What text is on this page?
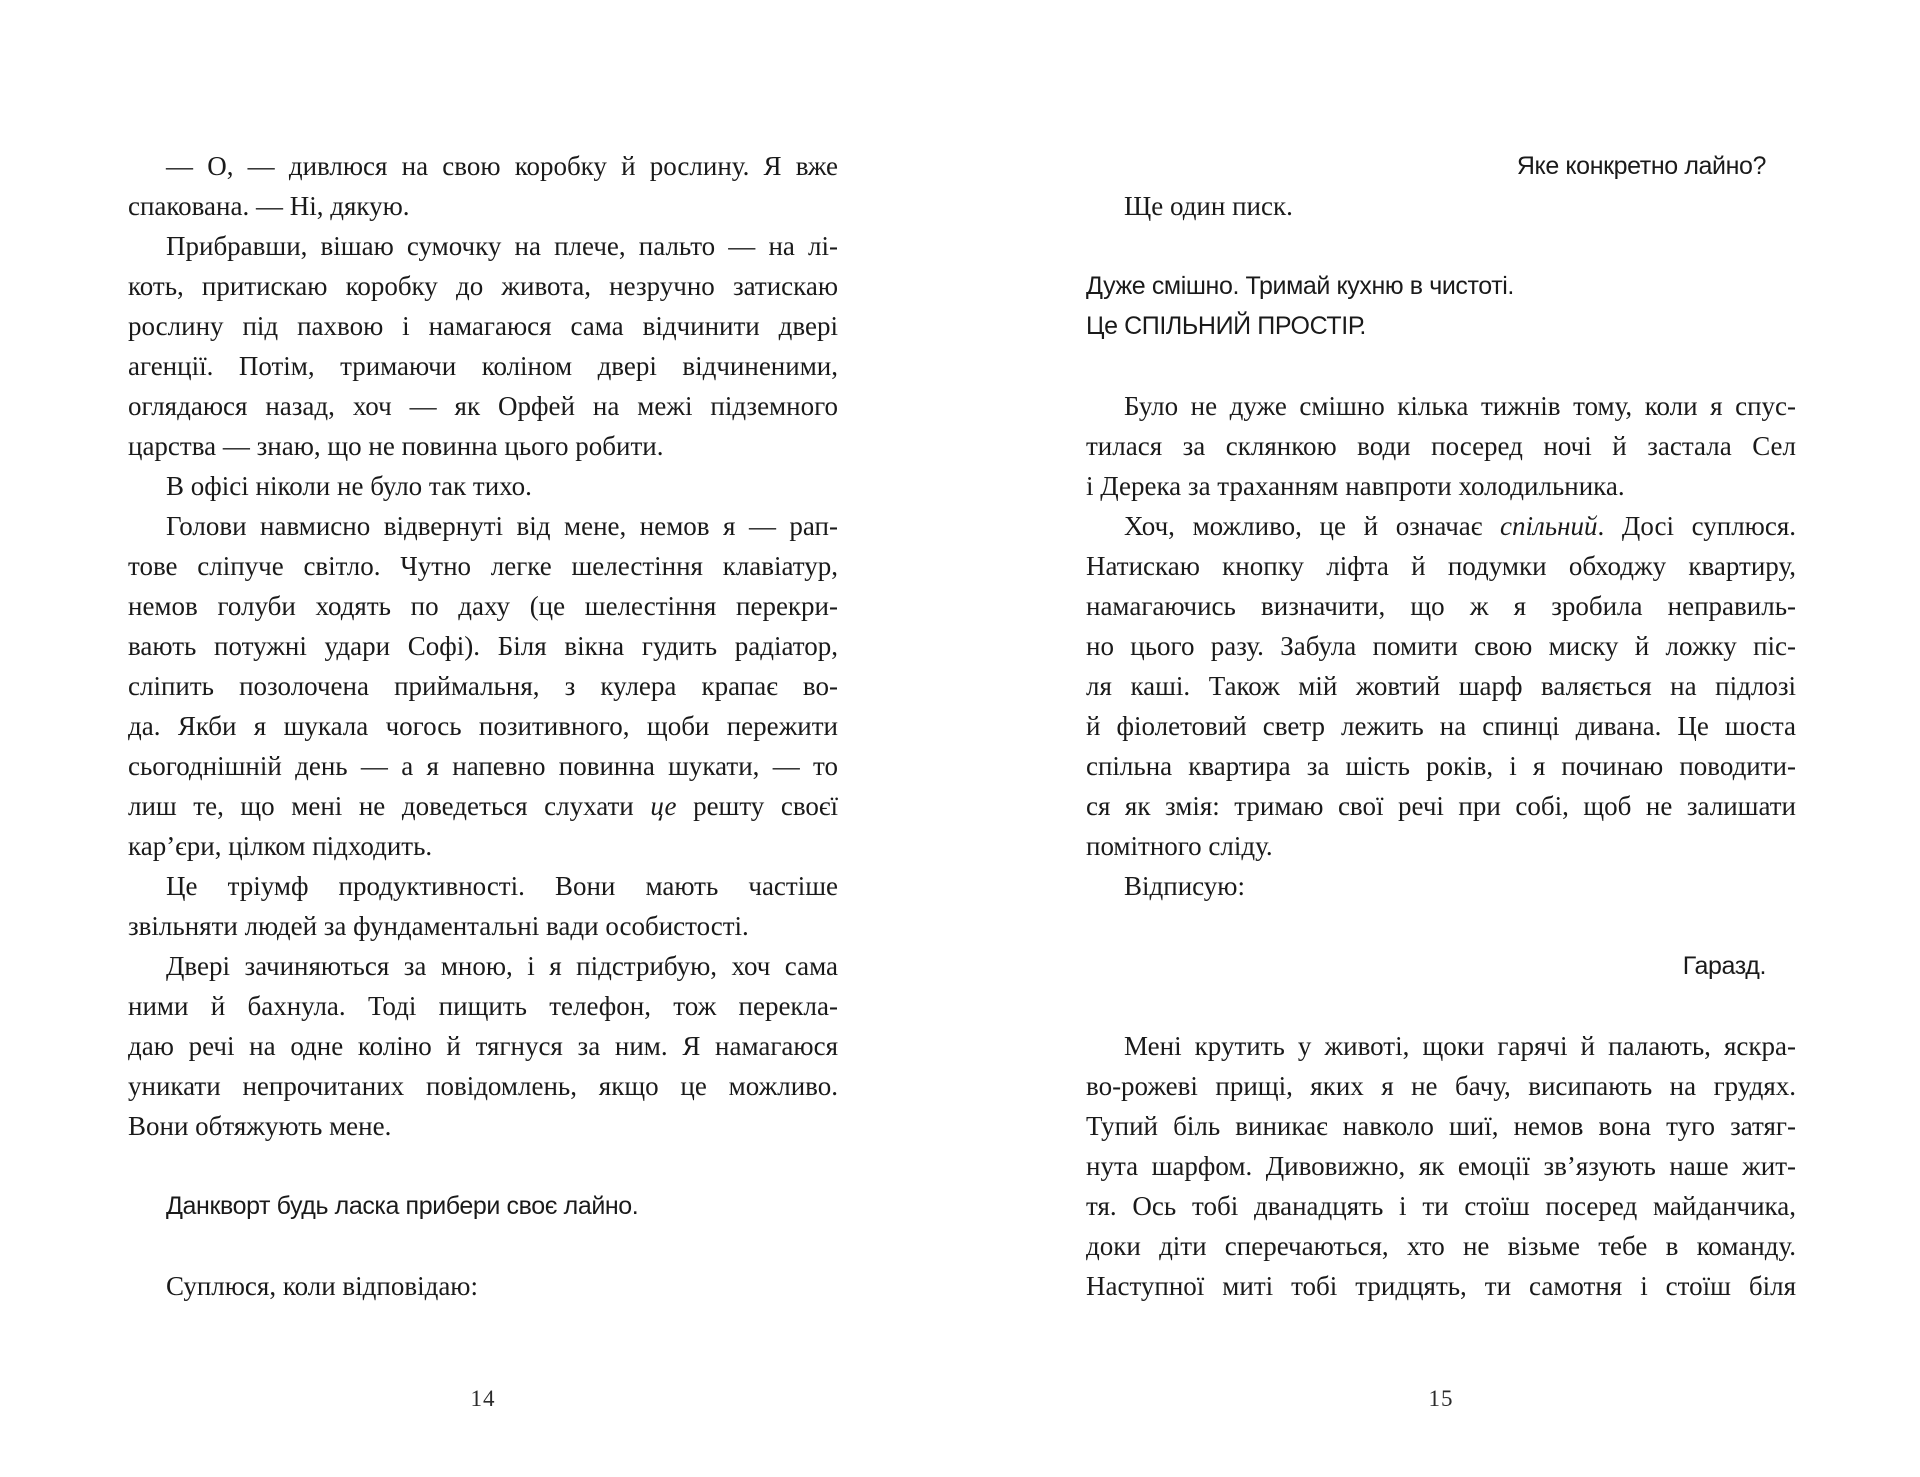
— О, — дивлюся на свою коробку й рослину. Я вже
спакована. — Ні, дякую.
Прибравши, вішаю сумочку на плече, пальто — на лі-
коть, притискаю коробку до живота, незручно затискаю
рослину під пахвою і намагаюся сама відчинити двері
агенції. Потім, тримаючи коліном двері відчиненими,
оглядаюся назад, хоч — як Орфей на межі підземного
царства — знаю, що не повинна цього робити.
В офісі ніколи не було так тихо.
Голови навмисно відвернуті від мене, немов я — рап-
тове сліпуче світло. Чутно легке шелестіння клавіатур,
немов голуби ходять по даху (це шелестіння перекри-
вають потужні удари Софі). Біля вікна гудить радіатор,
сліпить позолочена приймальня, з кулера крапає во-
да. Якби я шукала чогось позитивного, щоби пережити
сьогоднішній день — а я напевно повинна шукати, — то
лиш те, що мені не доведеться слухати це решту своєї
кар’єри, цілком підходить.
Це тріумф продуктивності. Вони мають частіше
звільняти людей за фундаментальні вади особистості.
Двері зачиняються за мною, і я підстрибую, хоч сама
ними й бахнула. Тоді пищить телефон, тож перекла-
даю речі на одне коліно й тягнуся за ним. Я намагаюся
уникати непрочитаних повідомлень, якщо це можливо.
Вони обтяжують мене.
Данкворт будь ласка прибери своє лайно.
Суплюся, коли відповідаю:
14
Яке конкретно лайно?
Ще один писк.
Дуже смішно. Тримай кухню в чистоті.
Це СПІЛЬНИЙ ПРОСТІР.
Було не дуже смішно кілька тижнів тому, коли я спус-
тилася за склянкою води посеред ночі й застала Сел
і Дерека за траханням навпроти холодильника.
Хоч, можливо, це й означає спільний. Досі суплюся.
Натискаю кнопку ліфта й подумки обходжу квартиру,
намагаючись визначити, що ж я зробила неправиль-
но цього разу. Забула помити свою миску й ложку піс-
ля каші. Також мій жовтий шарф валяється на підлозі
й фіолетовий светр лежить на спинці дивана. Це шоста
спільна квартира за шість років, і я починаю поводити-
ся як змія: тримаю свої речі при собі, щоб не залишати
помітного сліду.
Відписую:
Гаразд.
Мені крутить у животі, щоки гарячі й палають, яскра-
во-рожеві прищі, яких я не бачу, висипають на грудях.
Тупий біль виникає навколо шиї, немов вона туго затяг-
нута шарфом. Дивовижно, як емоції зв’язують наше жит-
тя. Ось тобі дванадцять і ти стоїш посеред майданчика,
доки діти сперечаються, хто не візьме тебе в команду.
Наступної миті тобі тридцять, ти самотня і стоїш біля
15
